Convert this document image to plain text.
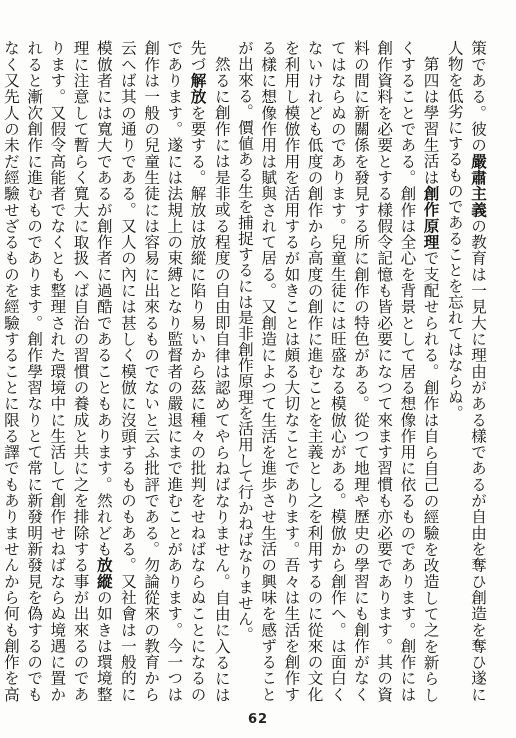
策である。彼の嚴肅主義の教育は一見大に理由がある樣であるが自由を奪ひ創造を奪ひ遂に人物を低劣にするものであることを忘れてはならぬ。

第四は學習生活は創作原理で支配せられる。創作は自ら自己の經驗を改造して之を新らしくすることである。創作は全心を背景として居る想像作用に依るものであります。創作には創作資料を必要とする樣假令記憶も皆必要になつて來ます習慣も亦必要であります。其の資料の間に新關係を發見する所に創作の特色がある。從つて地理や歷史の學習にも創作がなくてはならぬのであります。兒童生徒には旺盛なる模倣心がある。模倣から創作へ。は面白くないけれども低度の創作から高度の創作に進むことを主義とし之を利用するのに從來の文化を利用し模倣作用を活用するが如きことは頗る大切なことであります。吾々は生活を創作する樣に想像作用は賦與されて居る。又創造によつて生活を進歩させ生活の興味を感ずることが出來る。價値ある生を捕捉するには是非創作原理を活用して行かねばなりません。

然るに創作には是非或る程度の自由即自律は認めてやらねばなりません。自由に入るには先づ解放を要する。解放は放縱に陷り易いから茲に種々の批判をせねばならぬことになるのであります。遂には法規上の束縛となり監督者の嚴退にまで進むことがあります。今一つは創作は一般の兒童生徒には容易に出來るものでないと云ふ批評である。勿論從來の教育から云へば其の通りである。又人の內には甚しく模倣に沒頭するものもある。又社會は一般的に模倣者には寬大であるが創作者に過酷であることもあります。然れども放縱の如きは環境整理に注意して暫らく寬大に取扱へば自治の習慣の養成と共に之を排除する事が出來るのであります。又假令高能者でなくとも整理された環境中に生活して創作せねばならぬ境遇に置かれると漸次創作に進むものであります。創作學習なりとて常に新發明新發見を偽するのでもなく又先人の未だ經驗せざるものを經驗することに限る譯でもありませんから何も創作を高

62
